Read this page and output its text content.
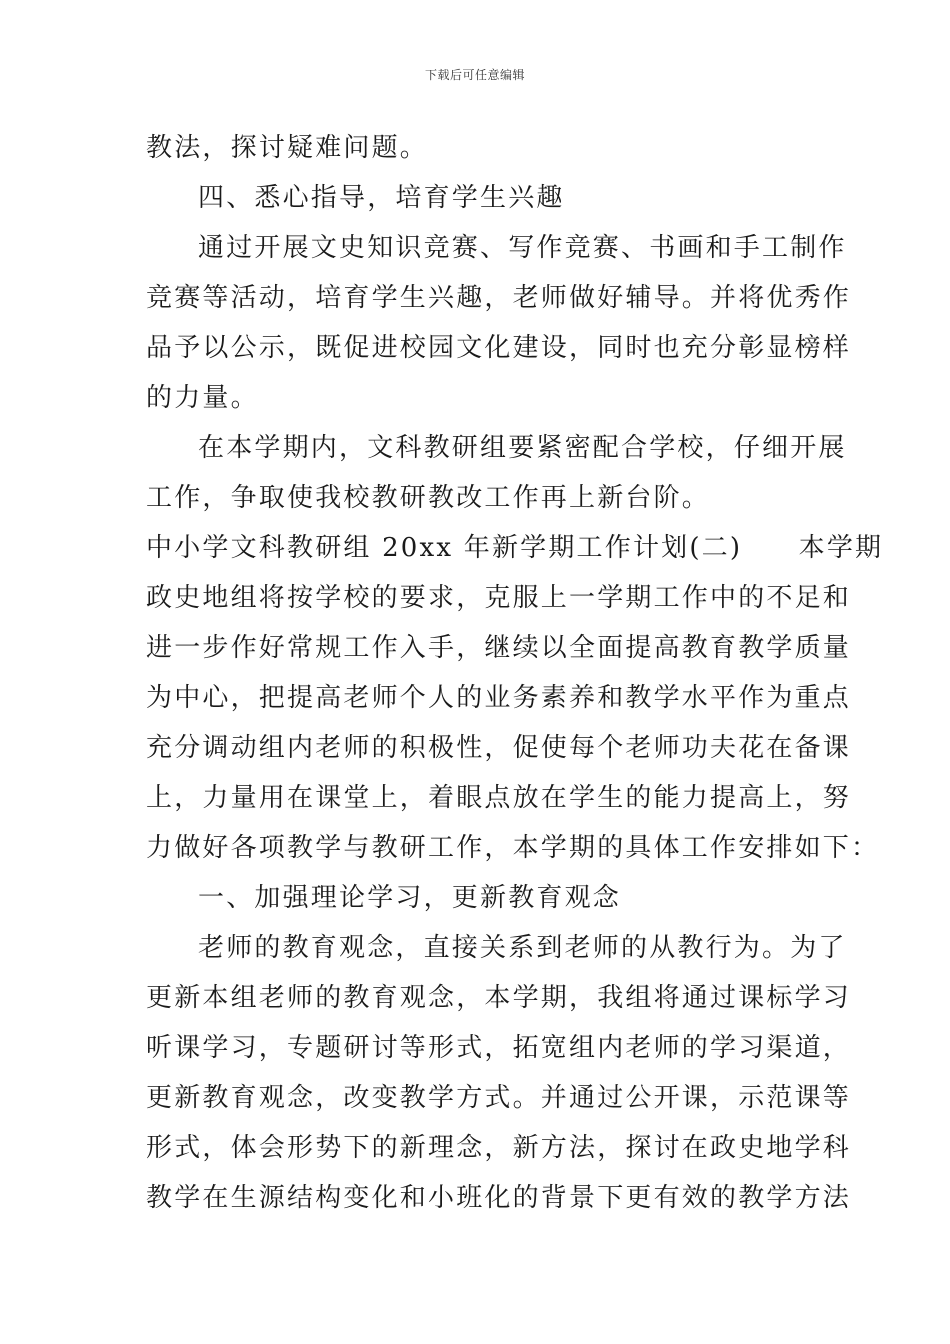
下载后可任意编辑
教法，探讨疑难问题。
四、悉心指导，培育学生兴趣
通过开展文史知识竞赛、写作竞赛、书画和手工制作
竞赛等活动，培育学生兴趣，老师做好辅导。并将优秀作
品予以公示，既促进校园文化建设，同时也充分彰显榜样
的力量。
在本学期内，文科教研组要紧密配合学校，仔细开展
工作，争取使我校教研教改工作再上新台阶。
中小学文科教研组 20xx 年新学期工作计划(二)　　本学期
政史地组将按学校的要求，克服上一学期工作中的不足和
进一步作好常规工作入手，继续以全面提高教育教学质量
为中心，把提高老师个人的业务素养和教学水平作为重点
充分调动组内老师的积极性，促使每个老师功夫花在备课
上，力量用在课堂上，着眼点放在学生的能力提高上，努
力做好各项教学与教研工作，本学期的具体工作安排如下：
一、加强理论学习，更新教育观念
老师的教育观念，直接关系到老师的从教行为。为了
更新本组老师的教育观念，本学期，我组将通过课标学习
听课学习，专题研讨等形式，拓宽组内老师的学习渠道，
更新教育观念，改变教学方式。并通过公开课，示范课等
形式，体会形势下的新理念，新方法，探讨在政史地学科
教学在生源结构变化和小班化的背景下更有效的教学方法
